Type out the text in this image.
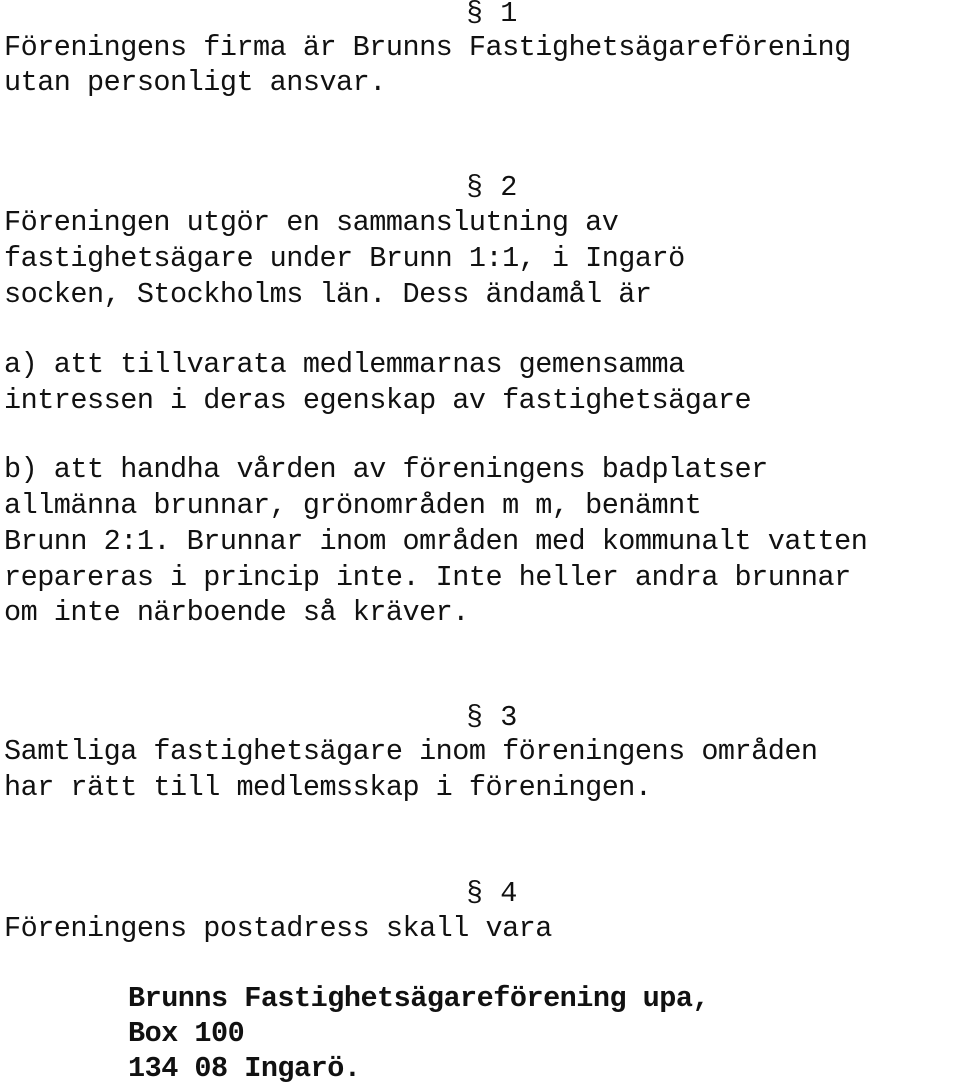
§ 1
Föreningens firma är Brunns Fastighetsägareförening
utan personligt ansvar.
§ 2
Föreningen utgör en sammanslutning av
fastighetsägare under Brunn 1:1, i Ingarö
socken, Stockholms län. Dess ändamål är
a) att tillvarata medlemmarnas gemensamma
intressen i deras egenskap av fastighetsägare
b) att handha vården av föreningens badplatser
allmänna brunnar, grönområden m m, benämnt
Brunn 2:1. Brunnar inom områden med kommunalt vatten
repareras i princip inte. Inte heller andra brunnar
om inte närboende så kräver.
§ 3
Samtliga fastighetsägare inom föreningens områden
har rätt till medlemsskap i föreningen.
§ 4
Föreningens postadress skall vara
Brunns Fastighetsägareförening upa,
Box 100
134 08 Ingarö.
